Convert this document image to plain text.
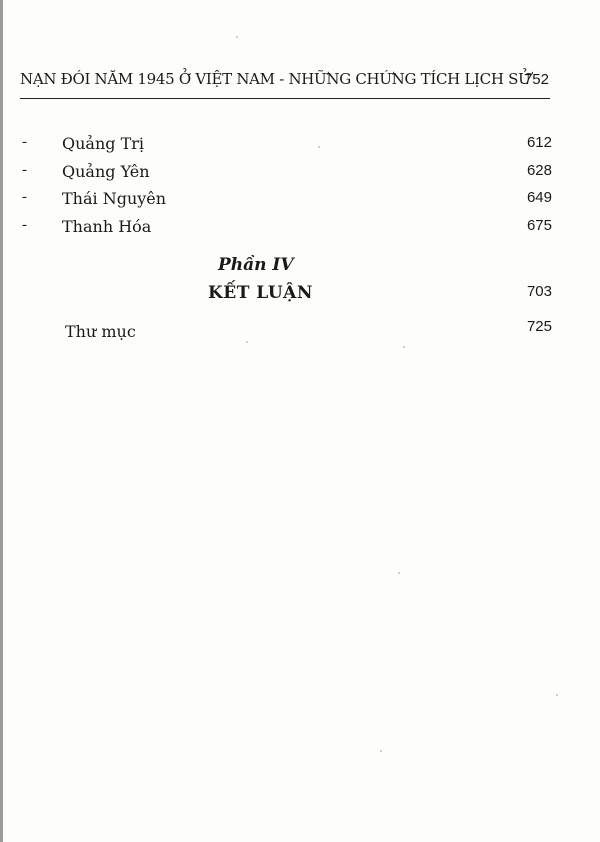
NẠN ĐÓI NĂM 1945 Ở VIỆT NAM - NHỮNG CHỨNG TÍCH LỊCH SỬ
752
- Quảng Trị	612
- Quảng Yên	628
- Thái Nguyên	649
- Thanh Hóa	675
Phần IV
KẾT LUẬN	703
Thư mục	725
